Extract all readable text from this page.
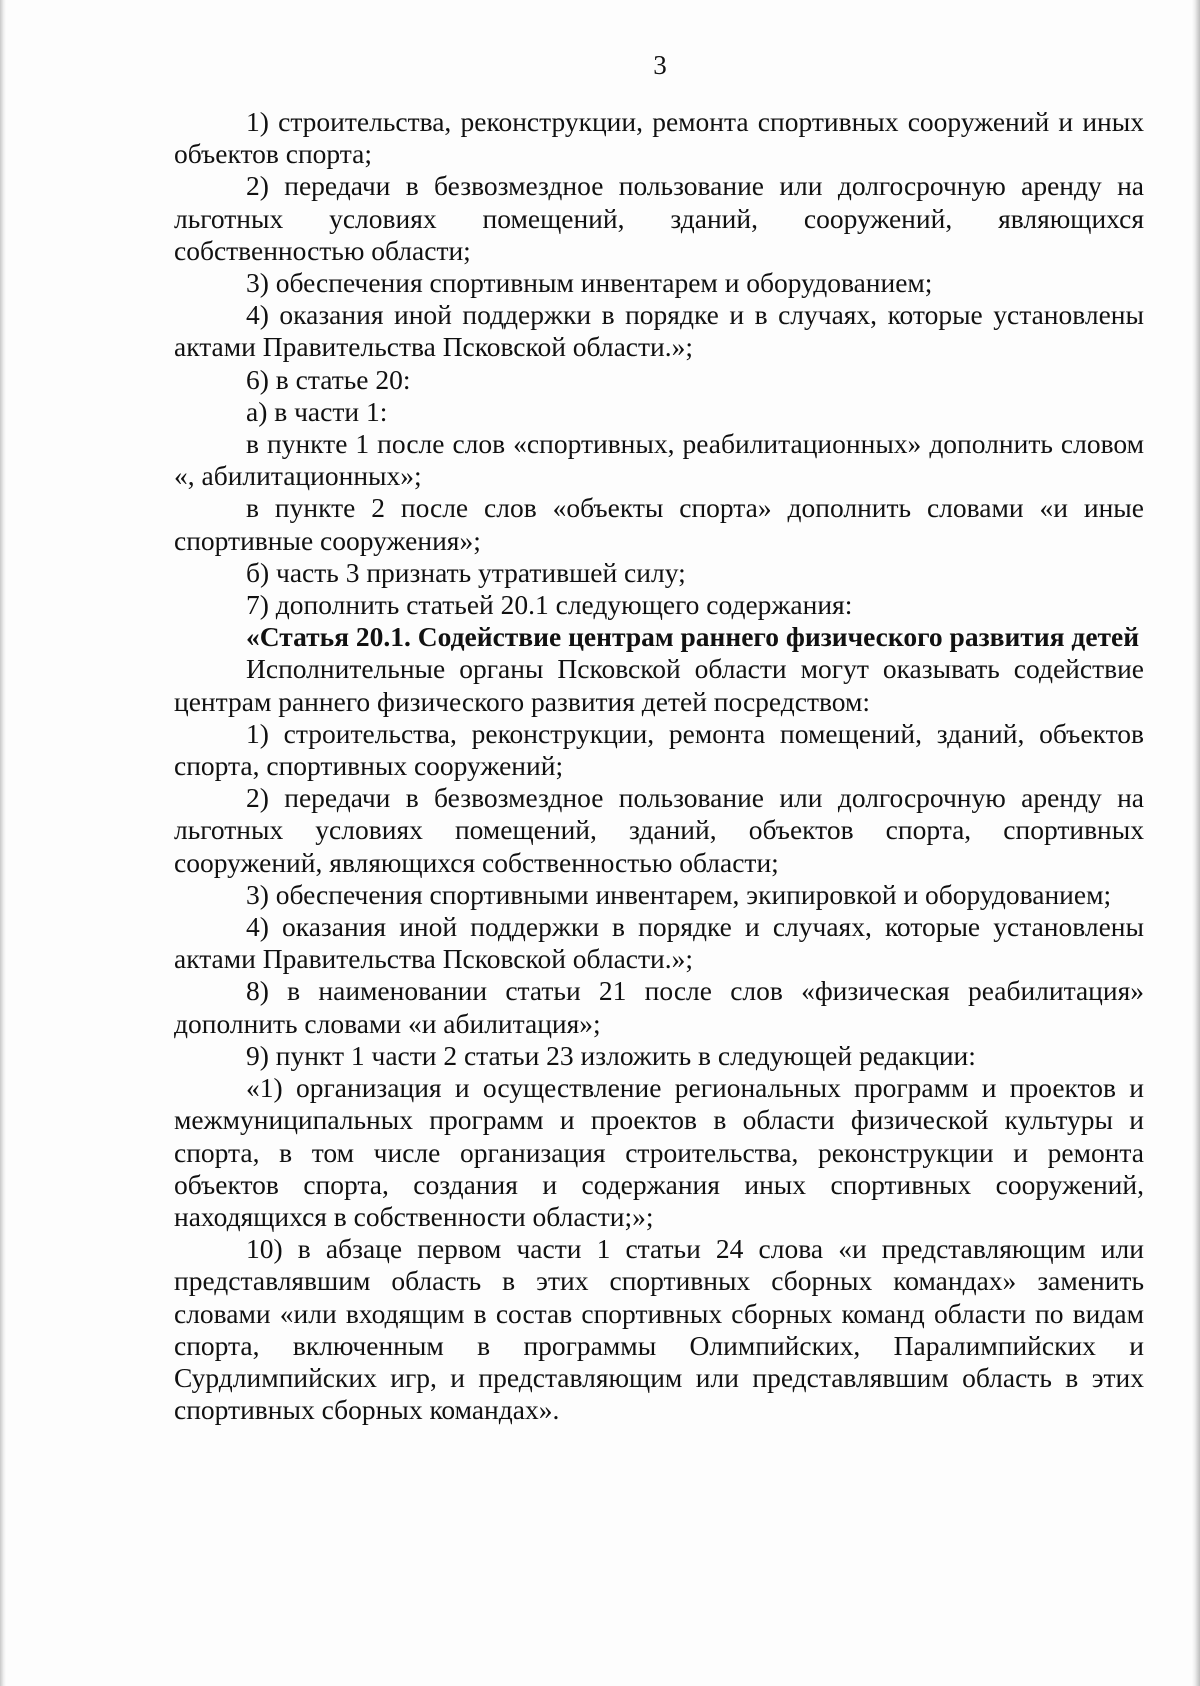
3

1) строительства, реконструкции, ремонта спортивных сооружений и иных объектов спорта;

2) передачи в безвозмездное пользование или долгосрочную аренду на льготных условиях помещений, зданий, сооружений, являющихся собственностью области;

3) обеспечения спортивным инвентарем и оборудованием;

4) оказания иной поддержки в порядке и в случаях, которые установлены актами Правительства Псковской области.»;

6) в статье 20:

а) в части 1:

в пункте 1 после слов «спортивных, реабилитационных» дополнить словом «, абилитационных»;

в пункте 2 после слов «объекты спорта» дополнить словами «и иные спортивные сооружения»;

б) часть 3 признать утратившей силу;

7) дополнить статьей 20.1 следующего содержания:

«Статья 20.1. Содействие центрам раннего физического развития детей

Исполнительные органы Псковской области могут оказывать содействие центрам раннего физического развития детей посредством:

1) строительства, реконструкции, ремонта помещений, зданий, объектов спорта, спортивных сооружений;

2) передачи в безвозмездное пользование или долгосрочную аренду на льготных условиях помещений, зданий, объектов спорта, спортивных сооружений, являющихся собственностью области;

3) обеспечения спортивными инвентарем, экипировкой и оборудованием;

4) оказания иной поддержки в порядке и случаях, которые установлены актами Правительства Псковской области.»;

8) в наименовании статьи 21 после слов «физическая реабилитация» дополнить словами «и абилитация»;

9) пункт 1 части 2 статьи 23 изложить в следующей редакции:

«1) организация и осуществление региональных программ и проектов и межмуниципальных программ и проектов в области физической культуры и спорта, в том числе организация строительства, реконструкции и ремонта объектов спорта, создания и содержания иных спортивных сооружений, находящихся в собственности области;»;

10) в абзаце первом части 1 статьи 24 слова «и представляющим или представлявшим область в этих спортивных сборных командах» заменить словами «или входящим в состав спортивных сборных команд области по видам спорта, включенным в программы Олимпийских, Паралимпийских и Сурдлимпийских игр, и представляющим или представлявшим область в этих спортивных сборных командах».
